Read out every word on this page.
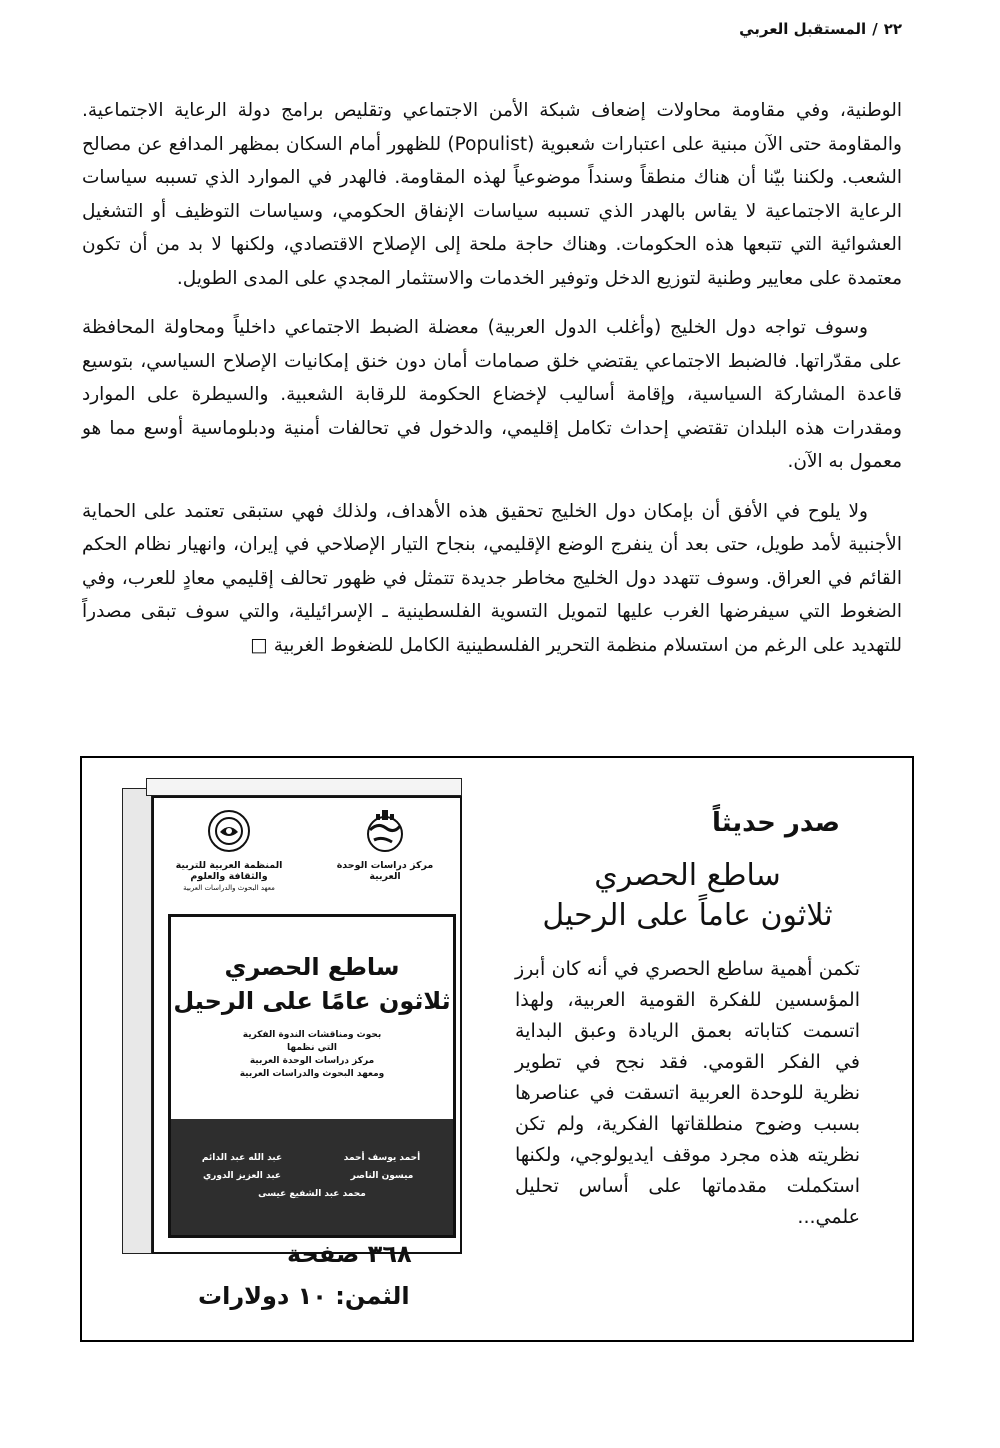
٢٢/المستقبل العربي

الوطنية، وفي مقاومة محاولات إضعاف شبكة الأمن الاجتماعي وتقليص برامج دولة الرعاية الاجتماعية. والمقاومة حتى الآن مبنية على اعتبارات شعبوية (Populist) للظهور أمام السكان بمظهر المدافع عن مصالح الشعب. ولكننا بيّنا أن هناك منطقاً وسنداً موضوعياً لهذه المقاومة. فالهدر في الموارد الذي تسببه سياسات الرعاية الاجتماعية لا يقاس بالهدر الذي تسببه سياسات الإنفاق الحكومي، وسياسات التوظيف أو التشغيل العشوائية التي تتبعها هذه الحكومات. وهناك حاجة ملحة إلى الإصلاح الاقتصادي، ولكنها لا بد من أن تكون معتمدة على معايير وطنية لتوزيع الدخل وتوفير الخدمات والاستثمار المجدي على المدى الطويل.

وسوف تواجه دول الخليج (وأغلب الدول العربية) معضلة الضبط الاجتماعي داخلياً ومحاولة المحافظة على مقدّراتها. فالضبط الاجتماعي يقتضي خلق صمامات أمان دون خنق إمكانيات الإصلاح السياسي، بتوسيع قاعدة المشاركة السياسية، وإقامة أساليب لإخضاع الحكومة للرقابة الشعبية. والسيطرة على الموارد ومقدرات هذه البلدان تقتضي إحداث تكامل إقليمي، والدخول في تحالفات أمنية ودبلوماسية أوسع مما هو معمول به الآن.

ولا يلوح في الأفق أن بإمكان دول الخليج تحقيق هذه الأهداف، ولذلك فهي ستبقى تعتمد على الحماية الأجنبية لأمد طويل، حتى بعد أن ينفرج الوضع الإقليمي، بنجاح التيار الإصلاحي في إيران، وانهيار نظام الحكم القائم في العراق. وسوف تتهدد دول الخليج مخاطر جديدة تتمثل في ظهور تحالف إقليمي معادٍ للعرب، وفي الضغوط التي سيفرضها الغرب عليها لتمويل التسوية الفلسطينية ـ الإسرائيلية، والتي سوف تبقى مصدراً للتهديد على الرغم من استسلام منظمة التحرير الفلسطينية الكامل للضغوط الغربية □

صدر حديثاً
ساطع الحصري
ثلاثون عاماً على الرحيل
تكمن أهمية ساطع الحصري في أنه كان أبرز المؤسسين للفكرة القومية العربية، ولهذا اتسمت كتاباته بعمق الريادة وعبق البداية في الفكر القومي. فقد نجح في تطوير نظرية للوحدة العربية اتسقت في عناصرها بسبب وضوح منطلقاتها الفكرية، ولم تكن نظريته هذه مجرد موقف ايديولوجي، ولكنها استكملت مقدماتها على أساس تحليل علمي...
مركز دراسات الوحدة العربية
المنظمة العربية للتربية والثقافة والعلوم
معهد البحوث والدراسات العربية
ساطع الحصري
ثلاثون عامًا على الرحيل
بحوث ومناقشات الندوة الفكرية
التي نظمها
مركز دراسات الوحدة العربية
ومعهد البحوث والدراسات العربية
أحمد يوسف أحمد
عبد الله عبد الدائم
ميسون الناصر
عبد العزيز الدوري
محمد عبد الشفيع عيسى
٣٦٨ صفحة
الثمن: ١٠ دولارات
